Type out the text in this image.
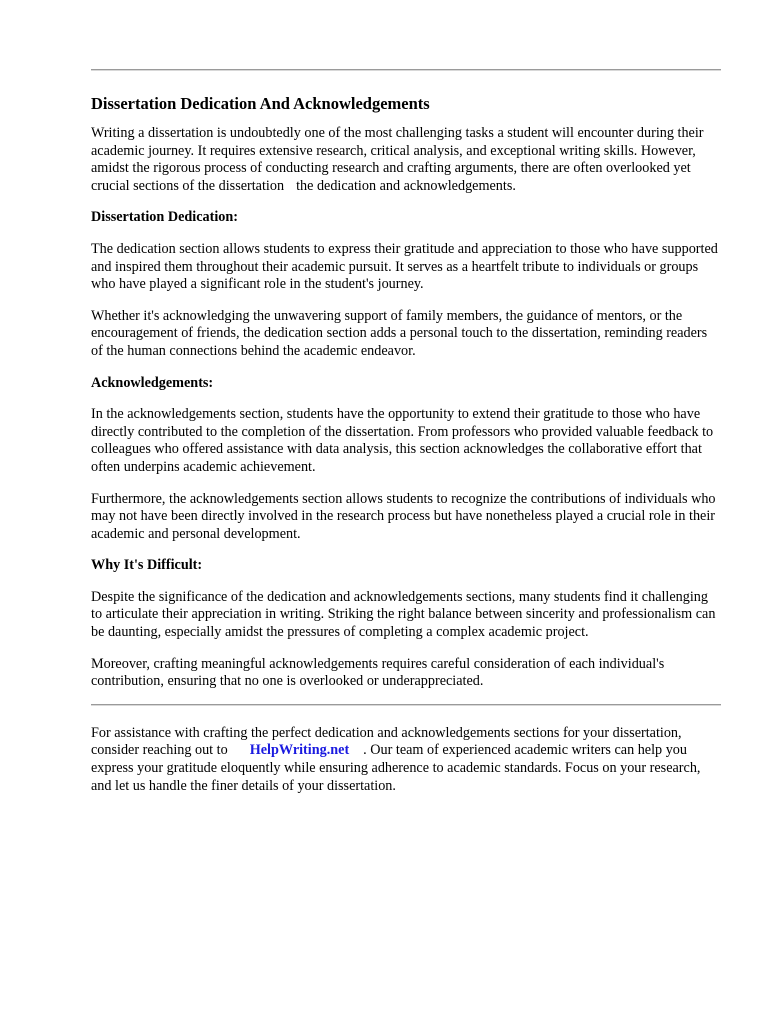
Dissertation Dedication And Acknowledgements

Writing a dissertation is undoubtedly one of the most challenging tasks a student will encounter during their academic journey. It requires extensive research, critical analysis, and exceptional writing skills. However, amidst the rigorous process of conducting research and crafting arguments, there are often overlooked yet crucial sections of the dissertation the dedication and acknowledgements.

Dissertation Dedication:

The dedication section allows students to express their gratitude and appreciation to those who have supported and inspired them throughout their academic pursuit. It serves as a heartfelt tribute to individuals or groups who have played a significant role in the student's journey.

Whether it's acknowledging the unwavering support of family members, the guidance of mentors, or the encouragement of friends, the dedication section adds a personal touch to the dissertation, reminding readers of the human connections behind the academic endeavor.

Acknowledgements:

In the acknowledgements section, students have the opportunity to extend their gratitude to those who have directly contributed to the completion of the dissertation. From professors who provided valuable feedback to colleagues who offered assistance with data analysis, this section acknowledges the collaborative effort that often underpins academic achievement.

Furthermore, the acknowledgements section allows students to recognize the contributions of individuals who may not have been directly involved in the research process but have nonetheless played a crucial role in their academic and personal development.

Why It's Difficult:

Despite the significance of the dedication and acknowledgements sections, many students find it challenging to articulate their appreciation in writing. Striking the right balance between sincerity and professionalism can be daunting, especially amidst the pressures of completing a complex academic project.

Moreover, crafting meaningful acknowledgements requires careful consideration of each individual's contribution, ensuring that no one is overlooked or underappreciated.

For assistance with crafting the perfect dedication and acknowledgements sections for your dissertation, consider reaching out to HelpWriting.net . Our team of experienced academic writers can help you express your gratitude eloquently while ensuring adherence to academic standards. Focus on your research, and let us handle the finer details of your dissertation.
